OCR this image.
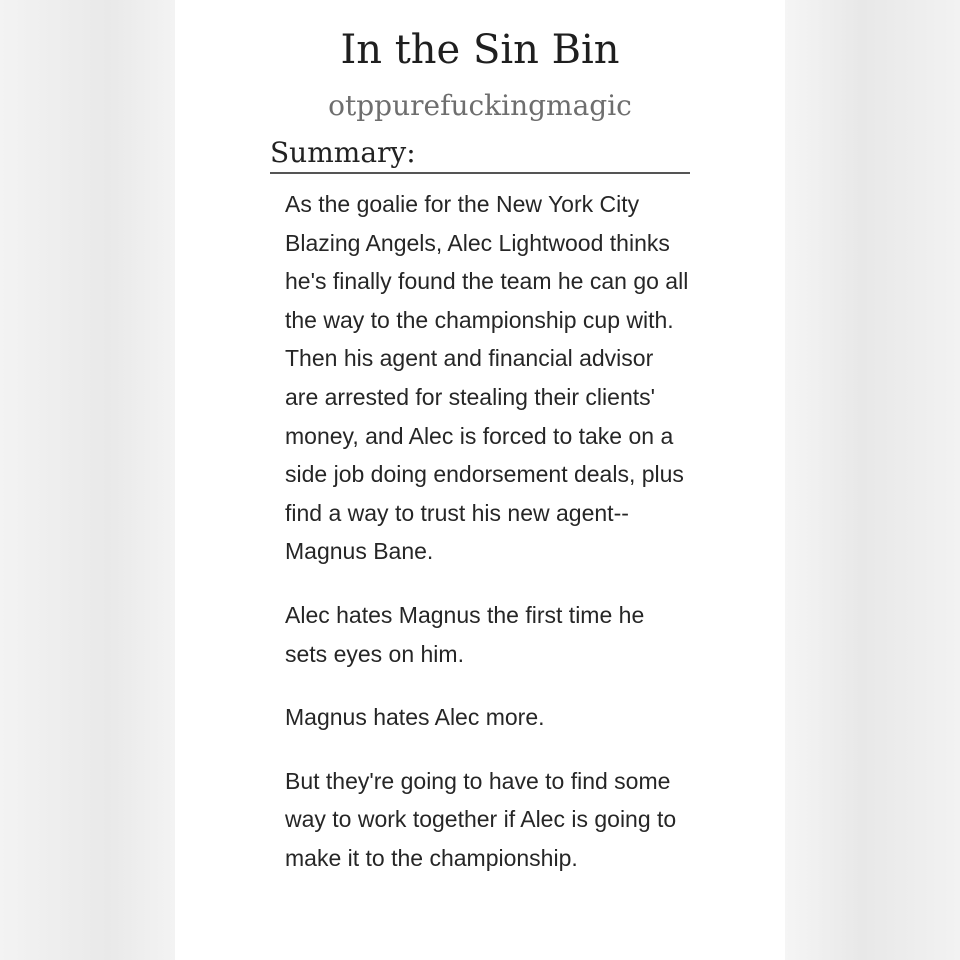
In the Sin Bin
otppurefuckingmagic
Summary:

As the goalie for the New York City Blazing Angels, Alec Lightwood thinks he's finally found the team he can go all the way to the championship cup with. Then his agent and financial advisor are arrested for stealing their clients' money, and Alec is forced to take on a side job doing endorsement deals, plus find a way to trust his new agent--Magnus Bane.

Alec hates Magnus the first time he sets eyes on him.

Magnus hates Alec more.

But they're going to have to find some way to work together if Alec is going to make it to the championship.
